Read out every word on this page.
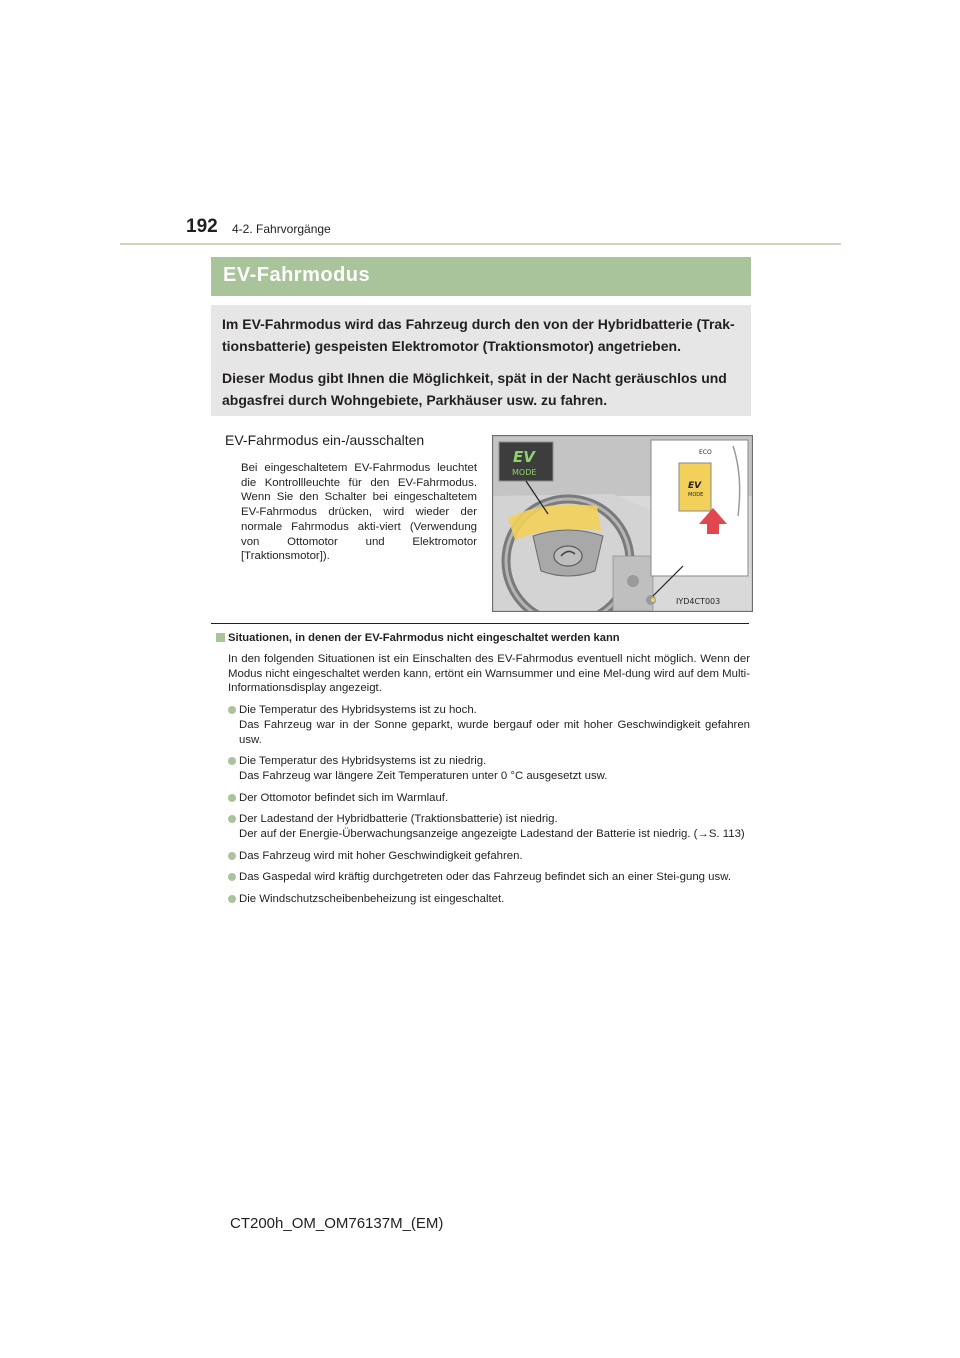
192 4-2. Fahrvorgänge
EV-Fahrmodus

Im EV-Fahrmodus wird das Fahrzeug durch den von der Hybridbatterie (Trak-tionsbatterie) gespeisten Elektromotor (Traktionsmotor) angetrieben.

Dieser Modus gibt Ihnen die Möglichkeit, spät in der Nacht geräuschlos und abgasfrei durch Wohngebiete, Parkhäuser usw. zu fahren.

EV-Fahrmodus ein-/ausschalten

Bei eingeschaltetem EV-Fahrmodus leuchtet die Kontrollleuchte für den EV-Fahrmodus. Wenn Sie den Schalter bei eingeschaltetem EV-Fahrmodus drücken, wird wieder der normale Fahrmodus akti-viert (Verwendung von Ottomotor und Elektromotor [Traktionsmotor]).

EV
MODE
ECO
EV
MODE
IYD4CT003
Situationen, in denen der EV-Fahrmodus nicht eingeschaltet werden kann

In den folgenden Situationen ist ein Einschalten des EV-Fahrmodus eventuell nicht möglich. Wenn der Modus nicht eingeschaltet werden kann, ertönt ein Warnsummer und eine Mel-dung wird auf dem Multi-Informationsdisplay angezeigt.

Die Temperatur des Hybridsystems ist zu hoch.
Das Fahrzeug war in der Sonne geparkt, wurde bergauf oder mit hoher Geschwindigkeit gefahren usw.
Die Temperatur des Hybridsystems ist zu niedrig.
Das Fahrzeug war längere Zeit Temperaturen unter 0 °C ausgesetzt usw.
Der Ottomotor befindet sich im Warmlauf.
Der Ladestand der Hybridbatterie (Traktionsbatterie) ist niedrig.
Der auf der Energie-Überwachungsanzeige angezeigte Ladestand der Batterie ist niedrig. (→S. 113)
Das Fahrzeug wird mit hoher Geschwindigkeit gefahren.
Das Gaspedal wird kräftig durchgetreten oder das Fahrzeug befindet sich an einer Stei-gung usw.
Die Windschutzscheibenbeheizung ist eingeschaltet.
CT200h_OM_OM76137M_(EM)
